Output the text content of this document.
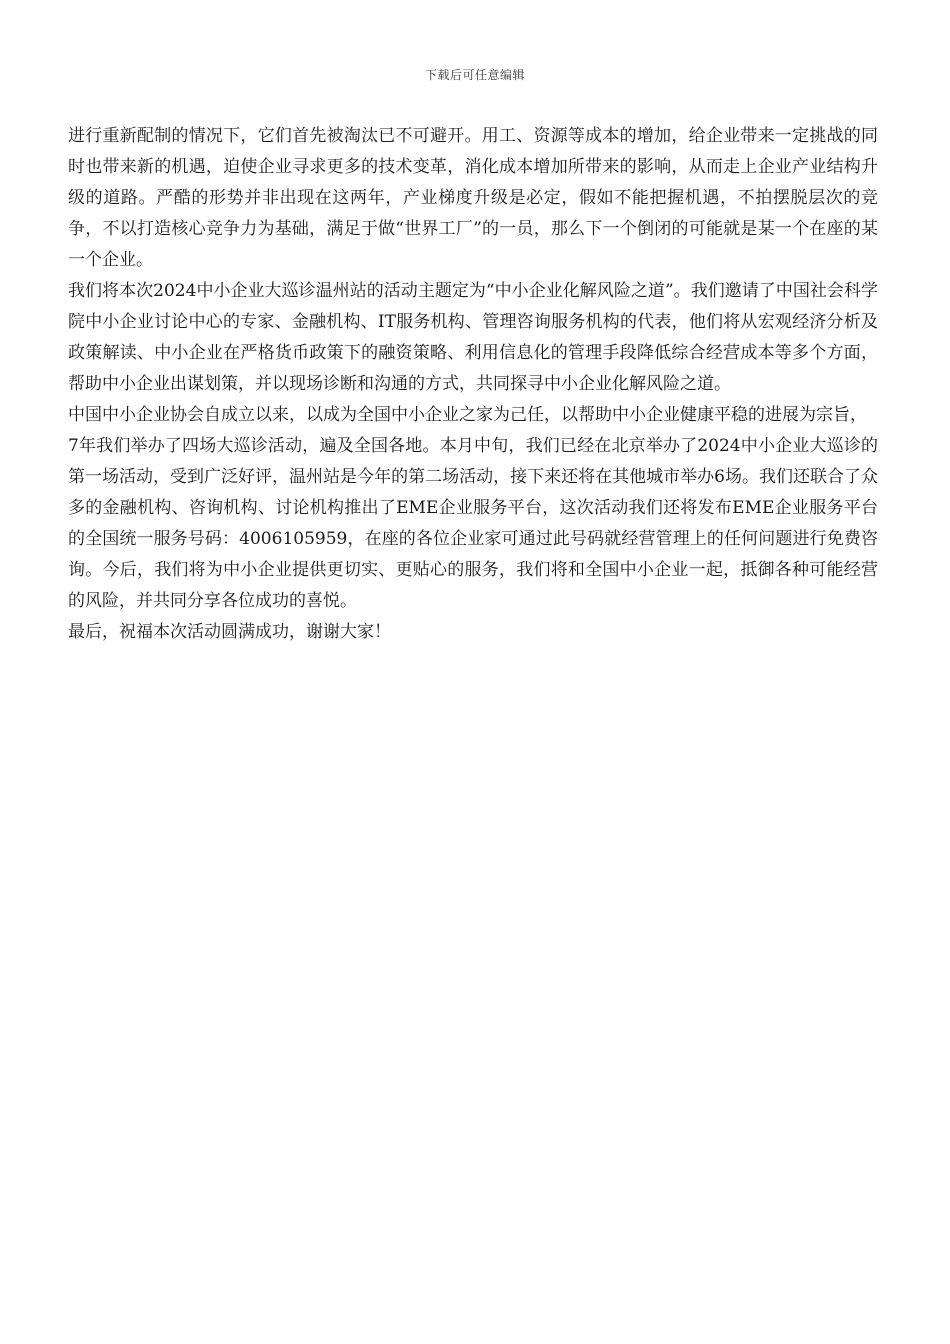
下载后可任意编辑

进行重新配制的情况下，它们首先被淘汰已不可避开。用工、资源等成本的增加，给企业带来一定挑战的同时也带来新的机遇，迫使企业寻求更多的技术变革，消化成本增加所带来的影响，从而走上企业产业结构升级的道路。严酷的形势并非出现在这两年，产业梯度升级是必定，假如不能把握机遇，不拍摆脱层次的竞争，不以打造核心竞争力为基础，满足于做“世界工厂”的一员，那么下一个倒闭的可能就是某一个在座的某一个企业。

我们将本次2024中小企业大巡诊温州站的活动主题定为“中小企业化解风险之道”。我们邀请了中国社会科学院中小企业讨论中心的专家、金融机构、IT服务机构、管理咨询服务机构的代表，他们将从宏观经济分析及政策解读、中小企业在严格货币政策下的融资策略、利用信息化的管理手段降低综合经营成本等多个方面，帮助中小企业出谋划策，并以现场诊断和沟通的方式，共同探寻中小企业化解风险之道。

中国中小企业协会自成立以来，以成为全国中小企业之家为己任，以帮助中小企业健康平稳的进展为宗旨，

7年我们举办了四场大巡诊活动，遍及全国各地。本月中旬，我们已经在北京举办了2024中小企业大巡诊的第一场活动，受到广泛好评，温州站是今年的第二场活动，接下来还将在其他城市举办6场。我们还联合了众多的金融机构、咨询机构、讨论机构推出了EME企业服务平台，这次活动我们还将发布EME企业服务平台的全国统一服务号码：4006105959，在座的各位企业家可通过此号码就经营管理上的任何问题进行免费咨询。今后，我们将为中小企业提供更切实、更贴心的服务，我们将和全国中小企业一起，抵御各种可能经营的风险，并共同分享各位成功的喜悦。

最后，祝福本次活动圆满成功，谢谢大家！
